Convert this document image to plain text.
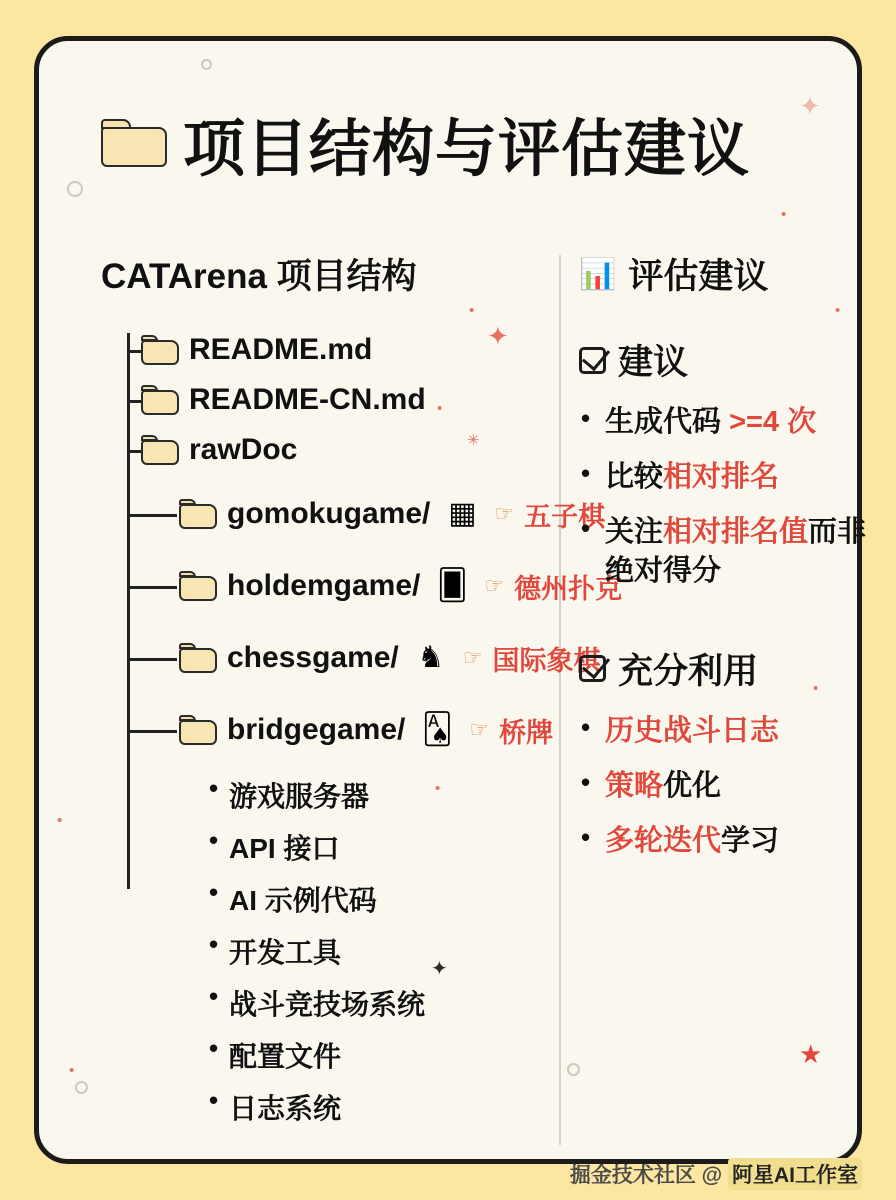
✦
•
✦
•
✳
•
✦
•
•
★
•
•
•
项目结构与评估建议
CATArena 项目结构
README.md
README-CN.md
rawDoc
gomokugame/ ▦ ☞ 五子棋
holdemgame/ 🂠 ☞ 德州扑克
chessgame/ ♞ ☞ 国际象棋
bridgegame/ 🂡 ☞ 桥牌
• 游戏服务器
• API 接口
• AI 示例代码
• 开发工具
• 战斗竞技场系统
• 配置文件
• 日志系统
📊 评估建议
建议
• 生成代码 >=4 次
• 比较相对排名
• 关注相对排名值而非绝对得分
充分利用
• 历史战斗日志
• 策略优化
• 多轮迭代学习
掘金技术社区 @ 阿星AI工作室
